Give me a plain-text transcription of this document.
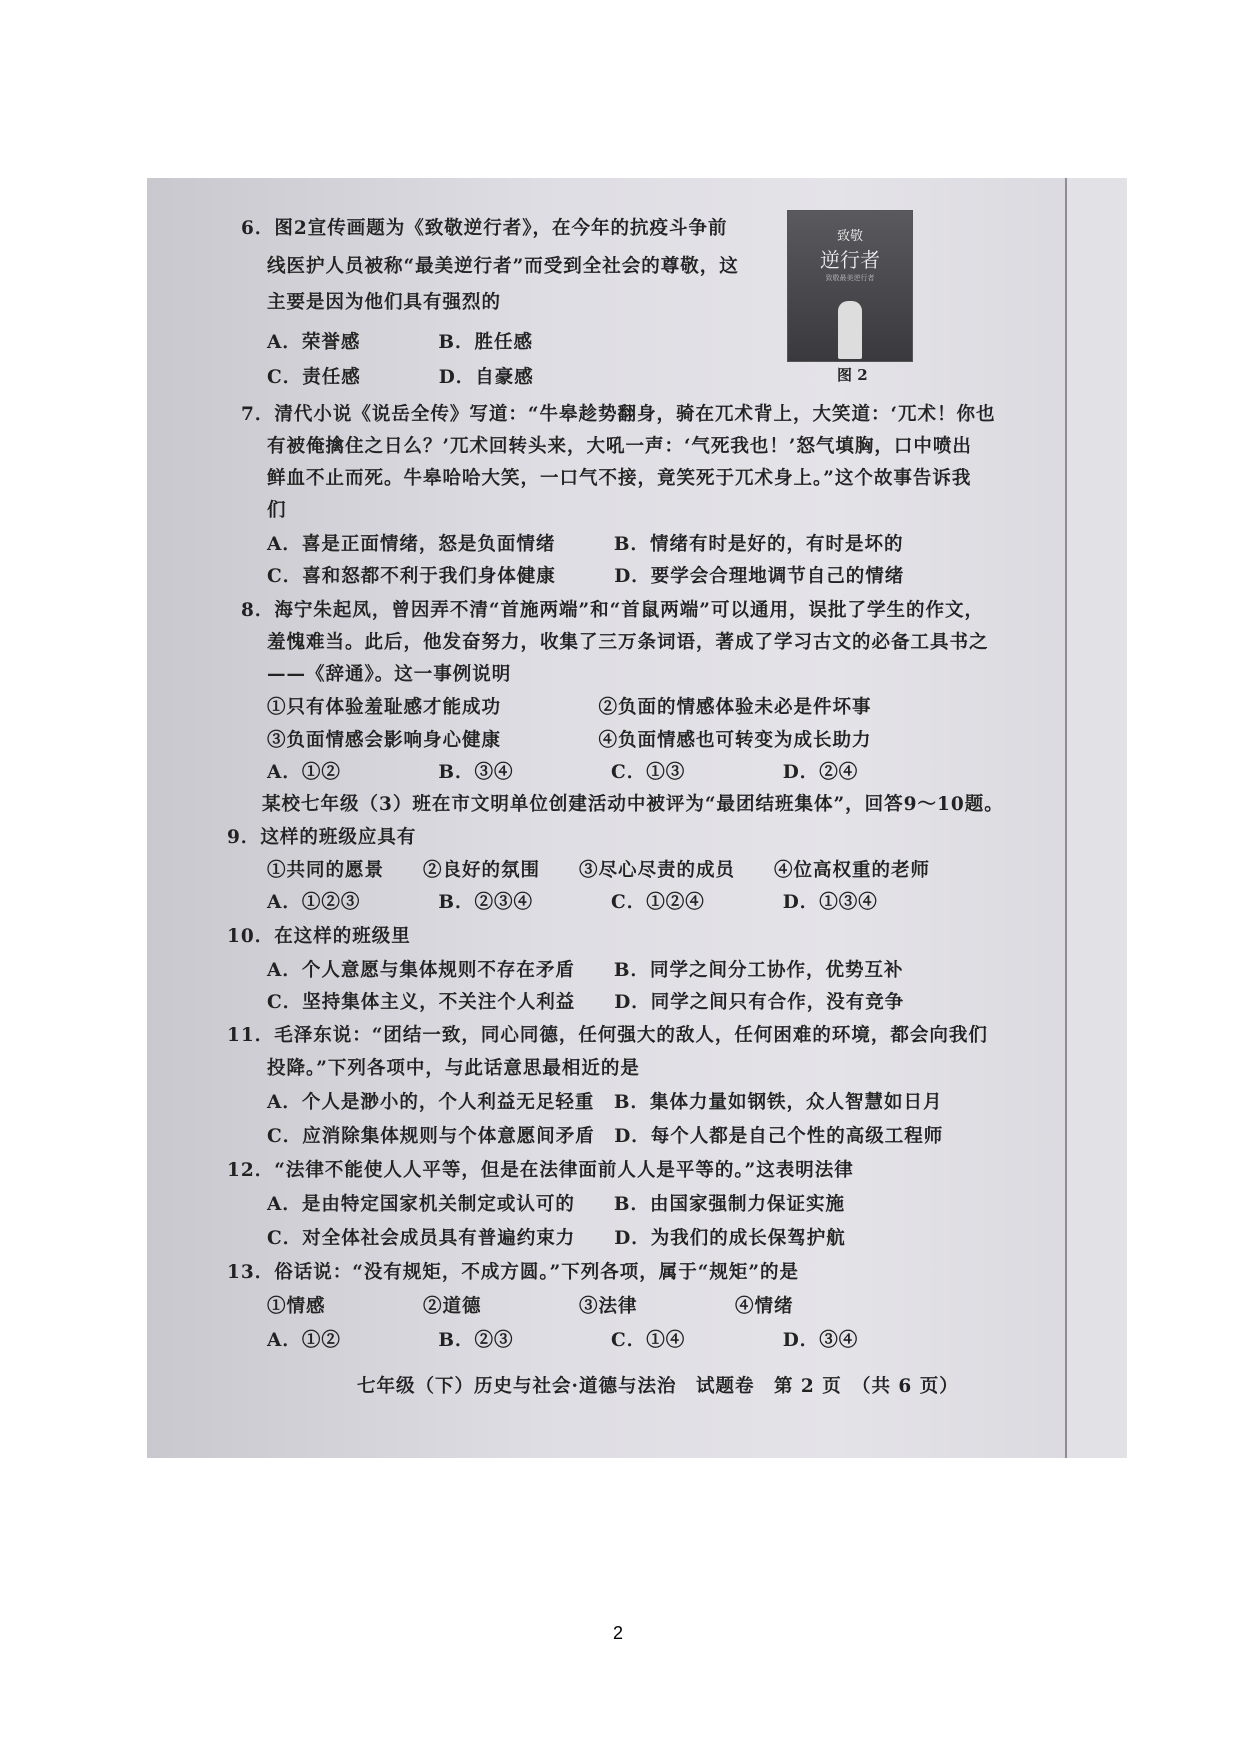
致敬
逆行者
致敬最美逆行者
图 2
6．图2宣传画题为《致敬逆行者》，在今年的抗疫斗争前
线医护人员被称“最美逆行者”而受到全社会的尊敬，这
主要是因为他们具有强烈的
A．荣誉感　　　　B．胜任感
C．责任感　　　　D．自豪感
7．清代小说《说岳全传》写道：“牛皋趁势翻身，骑在兀术背上，大笑道：‘兀术！你也
有被俺擒住之日么？’兀术回转头来，大吼一声：‘气死我也！’怒气填胸，口中喷出
鲜血不止而死。牛皋哈哈大笑，一口气不接，竟笑死于兀术身上。”这个故事告诉我
们
A．喜是正面情绪，怒是负面情绪　　　B．情绪有时是好的，有时是坏的
C．喜和怒都不利于我们身体健康　　　D．要学会合理地调节自己的情绪
8．海宁朱起凤，曾因弄不清“首施两端”和“首鼠两端”可以通用，误批了学生的作文，
羞愧难当。此后，他发奋努力，收集了三万条词语，著成了学习古文的必备工具书之
——《辞通》。这一事例说明
①只有体验羞耻感才能成功　　　　　②负面的情感体验未必是件坏事
③负面情感会影响身心健康　　　　　④负面情感也可转变为成长助力
A．①②　　　　　B．③④　　　　　C．①③　　　　　D．②④
某校七年级（3）班在市文明单位创建活动中被评为“最团结班集体”，回答9～10题。
9．这样的班级应具有
①共同的愿景　　②良好的氛围　　③尽心尽责的成员　　④位高权重的老师
A．①②③　　　　B．②③④　　　　C．①②④　　　　D．①③④
10．在这样的班级里
A．个人意愿与集体规则不存在矛盾　　B．同学之间分工协作，优势互补
C．坚持集体主义，不关注个人利益　　D．同学之间只有合作，没有竞争
11．毛泽东说：“团结一致，同心同德，任何强大的敌人，任何困难的环境，都会向我们
投降。”下列各项中，与此话意思最相近的是
A．个人是渺小的，个人利益无足轻重　B．集体力量如钢铁，众人智慧如日月
C．应消除集体规则与个体意愿间矛盾　D．每个人都是自己个性的高级工程师
12．“法律不能使人人平等，但是在法律面前人人是平等的。”这表明法律
A．是由特定国家机关制定或认可的　　B．由国家强制力保证实施
C．对全体社会成员具有普遍约束力　　D．为我们的成长保驾护航
13．俗话说：“没有规矩，不成方圆。”下列各项，属于“规矩”的是
①情感　　　　　②道德　　　　　③法律　　　　　④情绪
A．①②　　　　　B．②③　　　　　C．①④　　　　　D．③④
七年级（下）历史与社会·道德与法治　试题卷　第 2 页　（共 6 页）
2
